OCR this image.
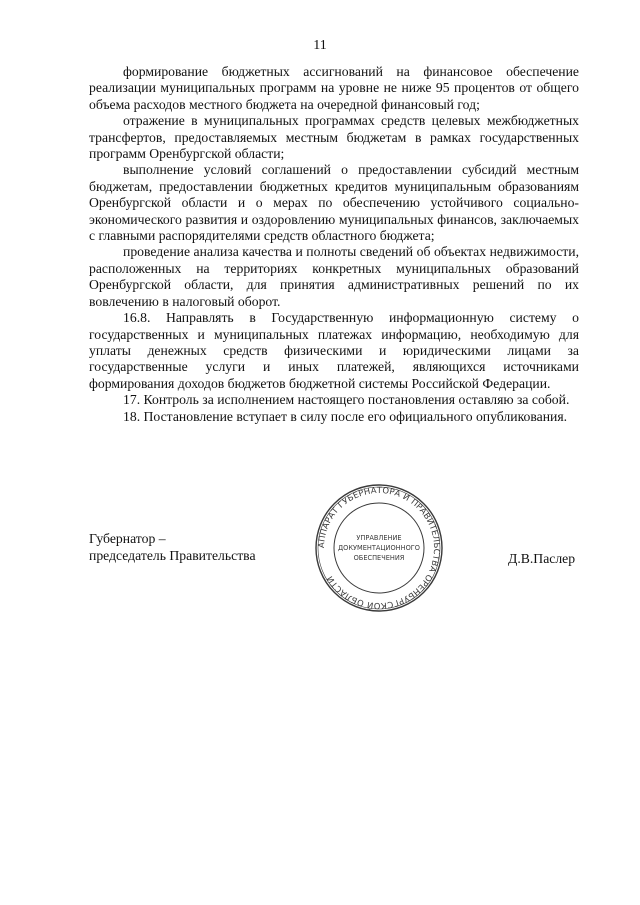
11

формирование бюджетных ассигнований на финансовое обеспечение реализации муниципальных программ на уровне не ниже 95 процентов от общего объема расходов местного бюджета на очередной финансовый год;

отражение в муниципальных программах средств целевых межбюджетных трансфертов, предоставляемых местным бюджетам в рамках государственных программ Оренбургской области;

выполнение условий соглашений о предоставлении субсидий местным бюджетам, предоставлении бюджетных кредитов муниципальным образованиям Оренбургской области и о мерах по обеспечению устойчивого социально-экономического развития и оздоровлению муниципальных финансов, заключаемых с главными распорядителями средств областного бюджета;

проведение анализа качества и полноты сведений об объектах недвижимости, расположенных на территориях конкретных муниципальных образований Оренбургской области, для принятия административных решений по их вовлечению в налоговый оборот.

16.8. Направлять в Государственную информационную систему о государственных и муниципальных платежах информацию, необходимую для уплаты денежных средств физическими и юридическими лицами за государственные услуги и иных платежей, являющихся источниками формирования доходов бюджетов бюджетной системы Российской Федерации.

17. Контроль за исполнением настоящего постановления оставляю за собой.

18. Постановление вступает в силу после его официального опубликования.

Губернатор –
председатель Правительства
АППАРАТ ГУБЕРНАТОРА И ПРАВИТЕЛЬСТВА ОРЕНБУРГСКОЙ ОБЛАСТИ
УПРАВЛЕНИЕ
ДОКУМЕНТАЦИОННОГО
ОБЕСПЕЧЕНИЯ	Д.В.Паслер
